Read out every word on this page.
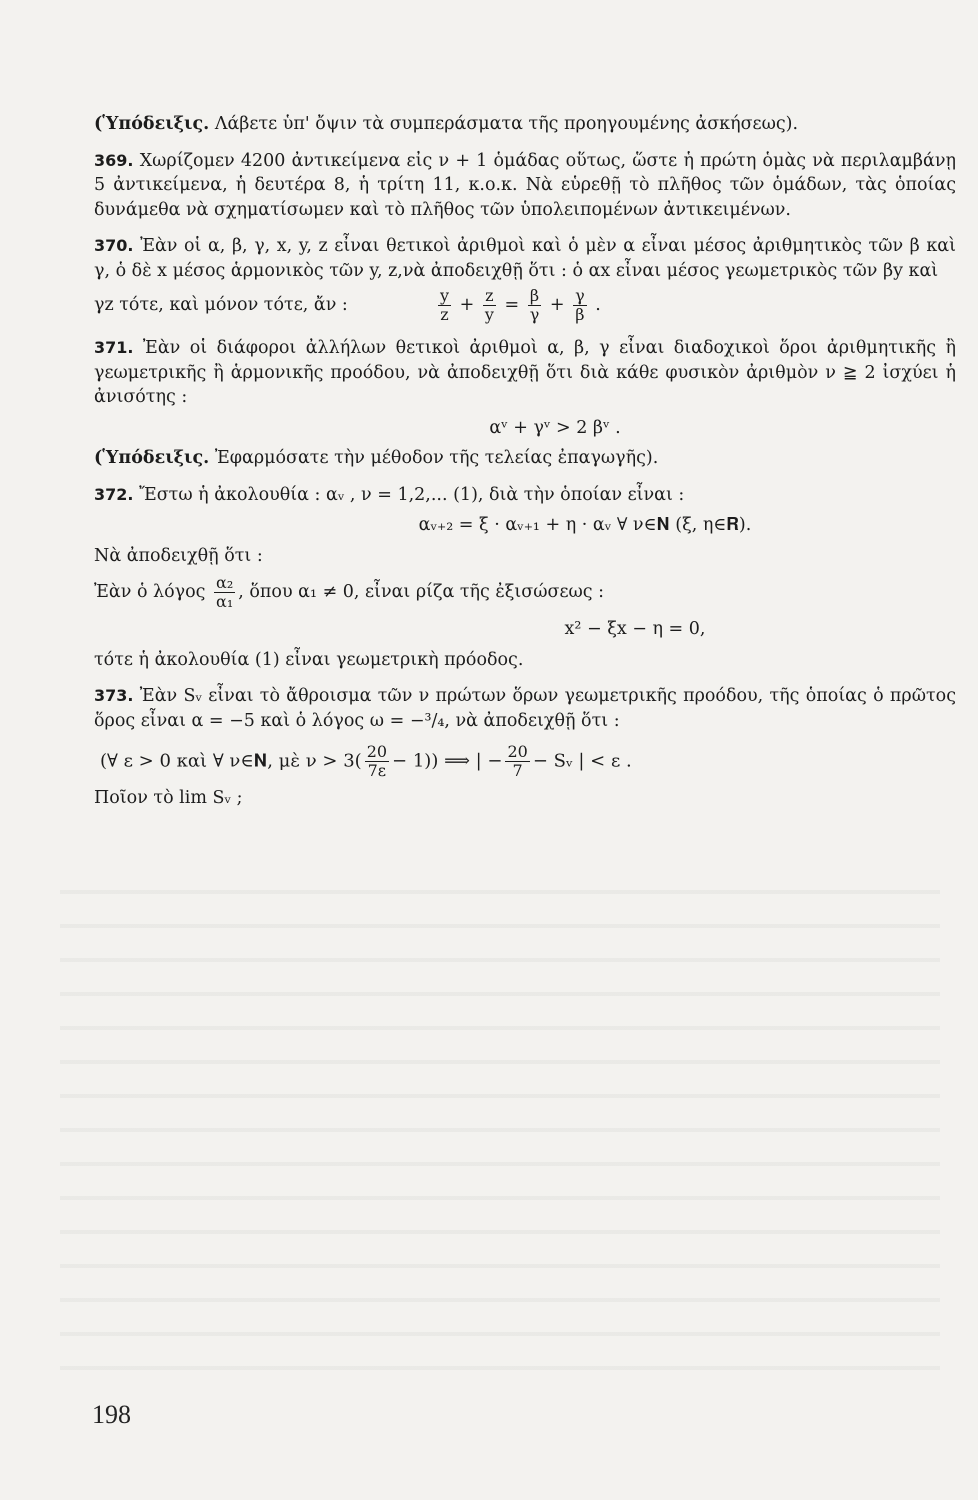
(Ὑπόδειξις. Λάβετε ὑπ' ὄψιν τὰ συμπεράσματα τῆς προηγουμένης ἀσκήσεως).

369. Χωρίζομεν 4200 ἀντικείμενα εἰς ν + 1 ὁμάδας οὕτως, ὥστε ἡ πρώτη ὁμὰς νὰ περιλαμβάνῃ 5 ἀντικείμενα, ἡ δευτέρα 8, ἡ τρίτη 11, κ.ο.κ. Νὰ εὑρεθῇ τὸ πλῆθος τῶν ὁμάδων, τὰς ὁποίας δυνάμεθα νὰ σχηματίσωμεν καὶ τὸ πλῆθος τῶν ὑπολειπομένων ἀντικειμένων.

370. Ἐὰν οἱ α, β, γ, x, y, z εἶναι θετικοὶ ἀριθμοὶ καὶ ὁ μὲν α εἶναι μέσος ἀριθμητικὸς τῶν β καὶ γ, ὁ δὲ x μέσος ἁρμονικὸς τῶν y, z,νὰ ἀποδειχθῇ ὅτι : ὁ αx εἶναι μέσος γεωμετρικὸς τῶν βy καὶ

γz τότε, καὶ μόνον τότε, ἄν :	$\frac{y}{z} + \frac{z}{y} = \frac{\beta}{\gamma} + \frac{\gamma}{\beta}$ .

371. Ἐὰν οἱ διάφοροι ἀλλήλων θετικοὶ ἀριθμοὶ α, β, γ εἶναι διαδοχικοὶ ὅροι ἀριθμητικῆς ἢ γεωμετρικῆς ἢ ἁρμονικῆς προόδου, νὰ ἀποδειχθῇ ὅτι διὰ κάθε φυσικὸν ἀριθμὸν ν ≧ 2 ἰσχύει ἡ ἀνισότης :

αᵛ + γᵛ > 2 βᵛ .

(Ὑπόδειξις. Ἐφαρμόσατε τὴν μέθοδον τῆς τελείας ἐπαγωγῆς).

372. Ἔστω ἡ ἀκολουθία : αᵥ , ν = 1,2,... (1), διὰ τὴν ὁποίαν εἶναι :

αᵥ₊₂ = ξ · αᵥ₊₁ + η · αᵥ ∀ ν∈𝐍 (ξ, η∈𝐑).

Νὰ ἀποδειχθῇ ὅτι :

Ἐὰν ὁ λόγος $\frac{\text{α₂}}{\text{α₁}}$ , ὅπου α₁ ≠ 0, εἶναι ρίζα τῆς ἐξισώσεως :

x² − ξx − η = 0,

τότε ἡ ἀκολουθία (1) εἶναι γεωμετρικὴ πρόοδος.

373. Ἐὰν Sᵥ εἶναι τὸ ἄθροισμα τῶν ν πρώτων ὅρων γεωμετρικῆς προόδου, τῆς ὁποίας ὁ πρῶτος ὅρος εἶναι α = −5 καὶ ὁ λόγος ω = −³/₄, νὰ ἀποδειχθῇ ὅτι :

(∀ ε > 0 καὶ ∀ ν∈𝐍, μὲ $\nu > 3( \frac{20}{7\varepsilon} - 1)$) ⟹ | − $\frac{20}{7}$ − Sᵥ | < ε .

Ποῖον τὸ lim Sᵥ ;

198
